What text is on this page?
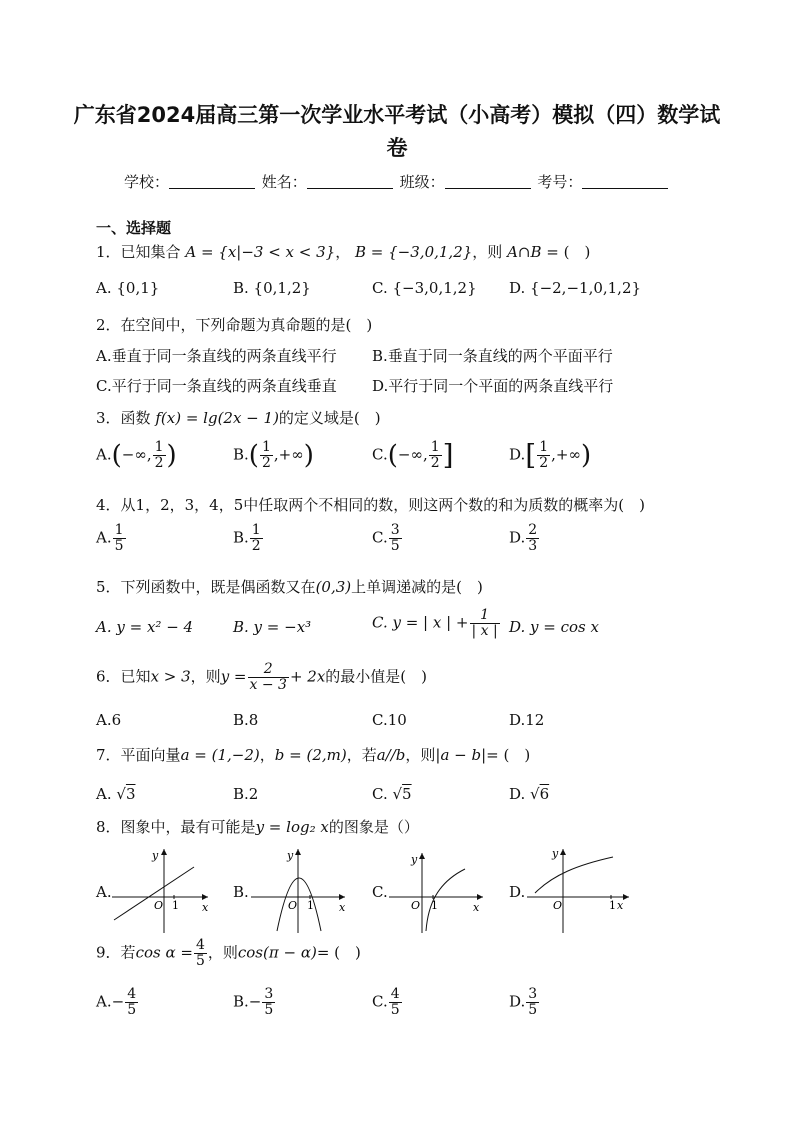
广东省2024届高三第一次学业水平考试（小高考）模拟（四）数学试
卷
学校：	姓名：	班级：	考号：
一、选择题
1．已知集合 A = {x|−3 < x < 3}， B = {−3,0,1,2}，则 A∩B = (　)
A. {0,1}	B. {0,1,2}	C. {−3,0,1,2} D. {−2,−1,0,1,2}
2．在空间中，下列命题为真命题的是(　)
A.垂直于同一条直线的两条直线平行 B.垂直于同一条直线的两个平面平行
C.平行于同一条直线的两条直线垂直 D.平行于同一个平面的两条直线平行
3．函数 f(x) = lg(2x − 1)的定义域是(　)
A.(−∞, $\frac{1}{2}$ )	$B.( \frac{1}{2}$ ,+∞)	C.(−∞, $\frac{1}{2}$ ]	$D.[ \frac{1}{2}$ ,+∞)
4．从1，2，3，4，5中任取两个不相同的数，则这两个数的和为质数的概率为(　)
A. $\frac{1}{5}$	B. $\frac{1}{2}$	C. $\frac{3}{5}$	D. $\frac{2}{3}$
5．下列函数中，既是偶函数又在(0,3)上单调递减的是(　)
A. y = x² − 4	B. y = −x³	C. y = | x | + $\frac{1}{| x |} D$. y = cos x
6．已知x > 3，则$y = \frac{2}{x - 3} + 2x$的最小值是(　)
A.6	B.8	C.10	D.12
7．平面向量a = (1,−2)，b = (2,m)，若a//b，则|a − b|= (　)
A. √3	B.2	C. √5	D. √6
8．图象中，最有可能是y = log₂ x的图象是（）
A.
y
x
O 1
B.
y
x
O 1
C.
y
x
O 1
D.
y
x
O	1
9．若$\cos \alpha = \frac{4}{5}$ ，则cos(π − α)= (　)
$A.- \frac{4}{5}$	$B.- \frac{3}{5}$	C. $\frac{4}{5}$	D. $\frac{3}{5}$
